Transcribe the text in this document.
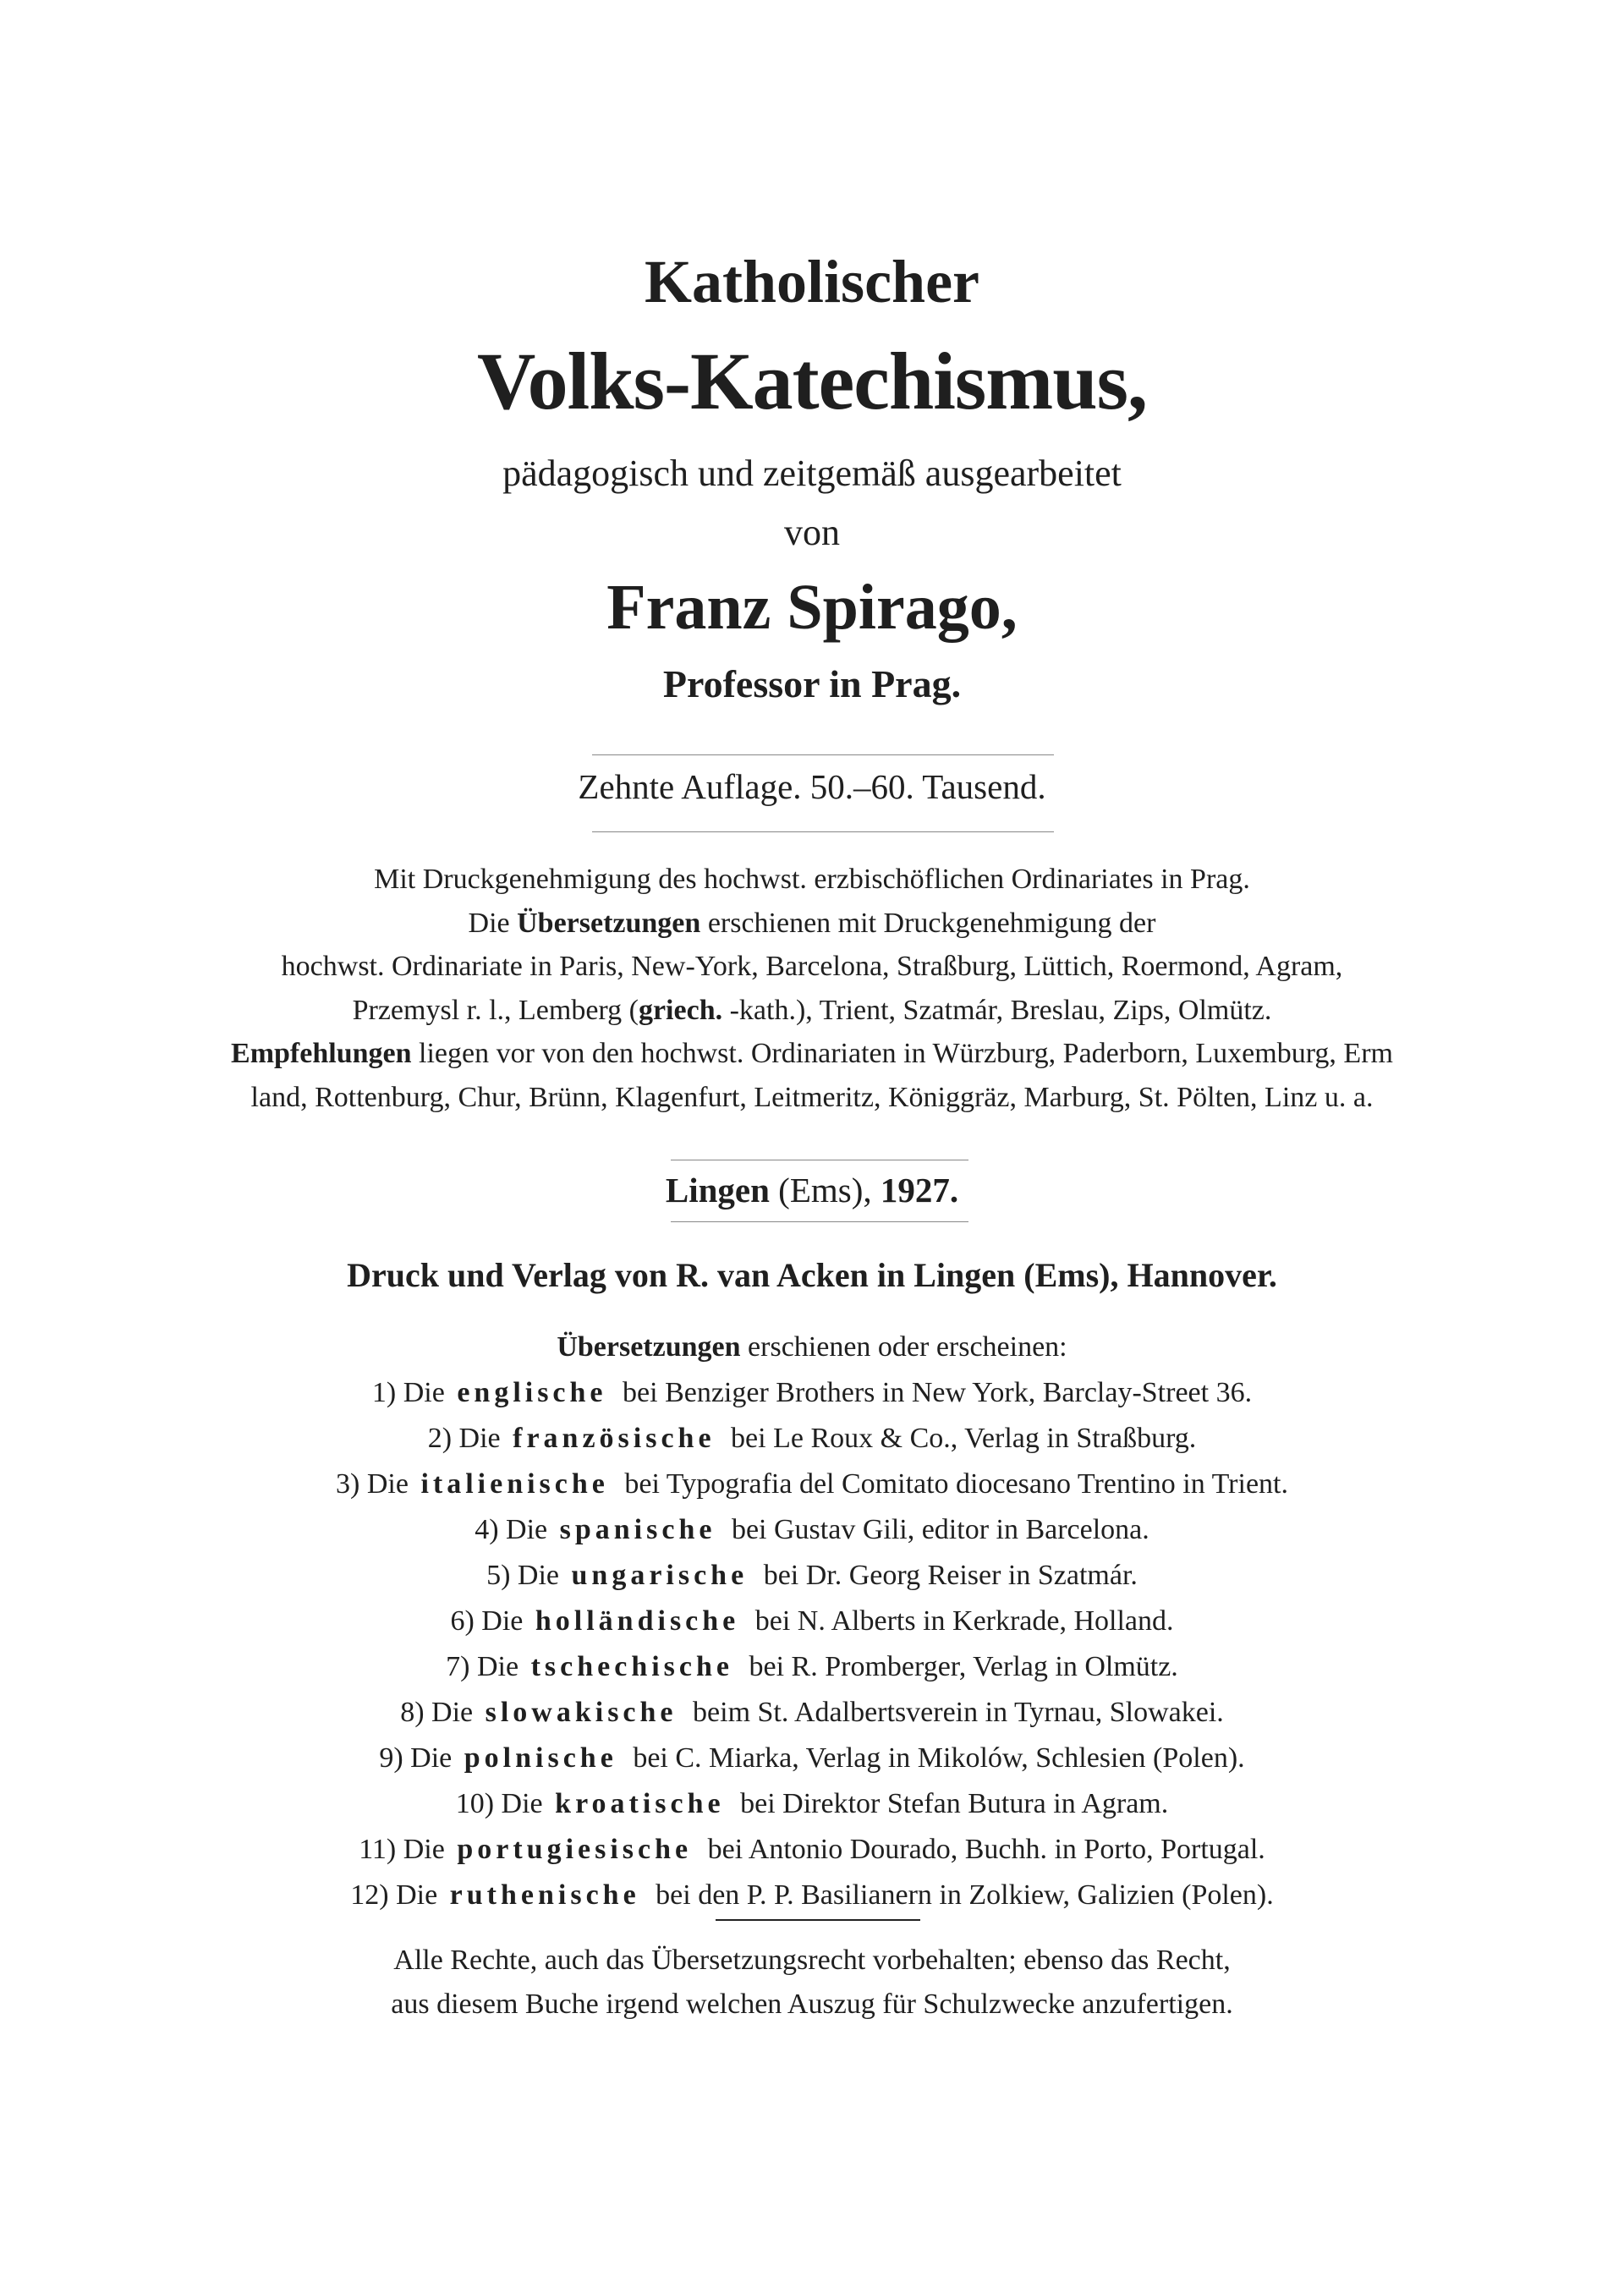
Katholischer
Volks-Katechismus,
pädagogisch und zeitgemäß ausgearbeitet
von
Franz Spirago,
Professor in Prag.
Zehnte Auflage. 50.–60. Tausend.
Mit Druckgenehmigung des hochwst. erzbischöflichen Ordinariates in Prag.
Die Übersetzungen erschienen mit Druckgenehmigung der
hochwst. Ordinariate in Paris, New-York, Barcelona, Straßburg, Lüttich, Roermond, Agram,
Przemysl r. l., Lemberg (griech. -kath.), Trient, Szatmár, Breslau, Zips, Olmütz.
Empfehlungen liegen vor von den hochwst. Ordinariaten in Würzburg, Paderborn, Luxemburg, Erm
land, Rottenburg, Chur, Brünn, Klagenfurt, Leitmeritz, Königgräz, Marburg, St. Pölten, Linz u. a.
Lingen (Ems), 1927.
Druck und Verlag von R. van Acken in Lingen (Ems), Hannover.
Übersetzungen erschienen oder erscheinen:
1) Die englische bei Benziger Brothers in New York, Barclay-Street 36.
2) Die französische bei Le Roux & Co., Verlag in Straßburg.
3) Die italienische bei Typografia del Comitato diocesano Trentino in Trient.
4) Die spanische bei Gustav Gili, editor in Barcelona.
5) Die ungarische bei Dr. Georg Reiser in Szatmár.
6) Die holländische bei N. Alberts in Kerkrade, Holland.
7) Die tschechische bei R. Promberger, Verlag in Olmütz.
8) Die slowakische beim St. Adalbertsverein in Tyrnau, Slowakei.
9) Die polnische bei C. Miarka, Verlag in Mikolów, Schlesien (Polen).
10) Die kroatische bei Direktor Stefan Butura in Agram.
11) Die portugiesische bei Antonio Dourado, Buchh. in Porto, Portugal.
12) Die ruthenische bei den P. P. Basilianern in Zolkiew, Galizien (Polen).
Alle Rechte, auch das Übersetzungsrecht vorbehalten; ebenso das Recht,
aus diesem Buche irgend welchen Auszug für Schulzwecke anzufertigen.
